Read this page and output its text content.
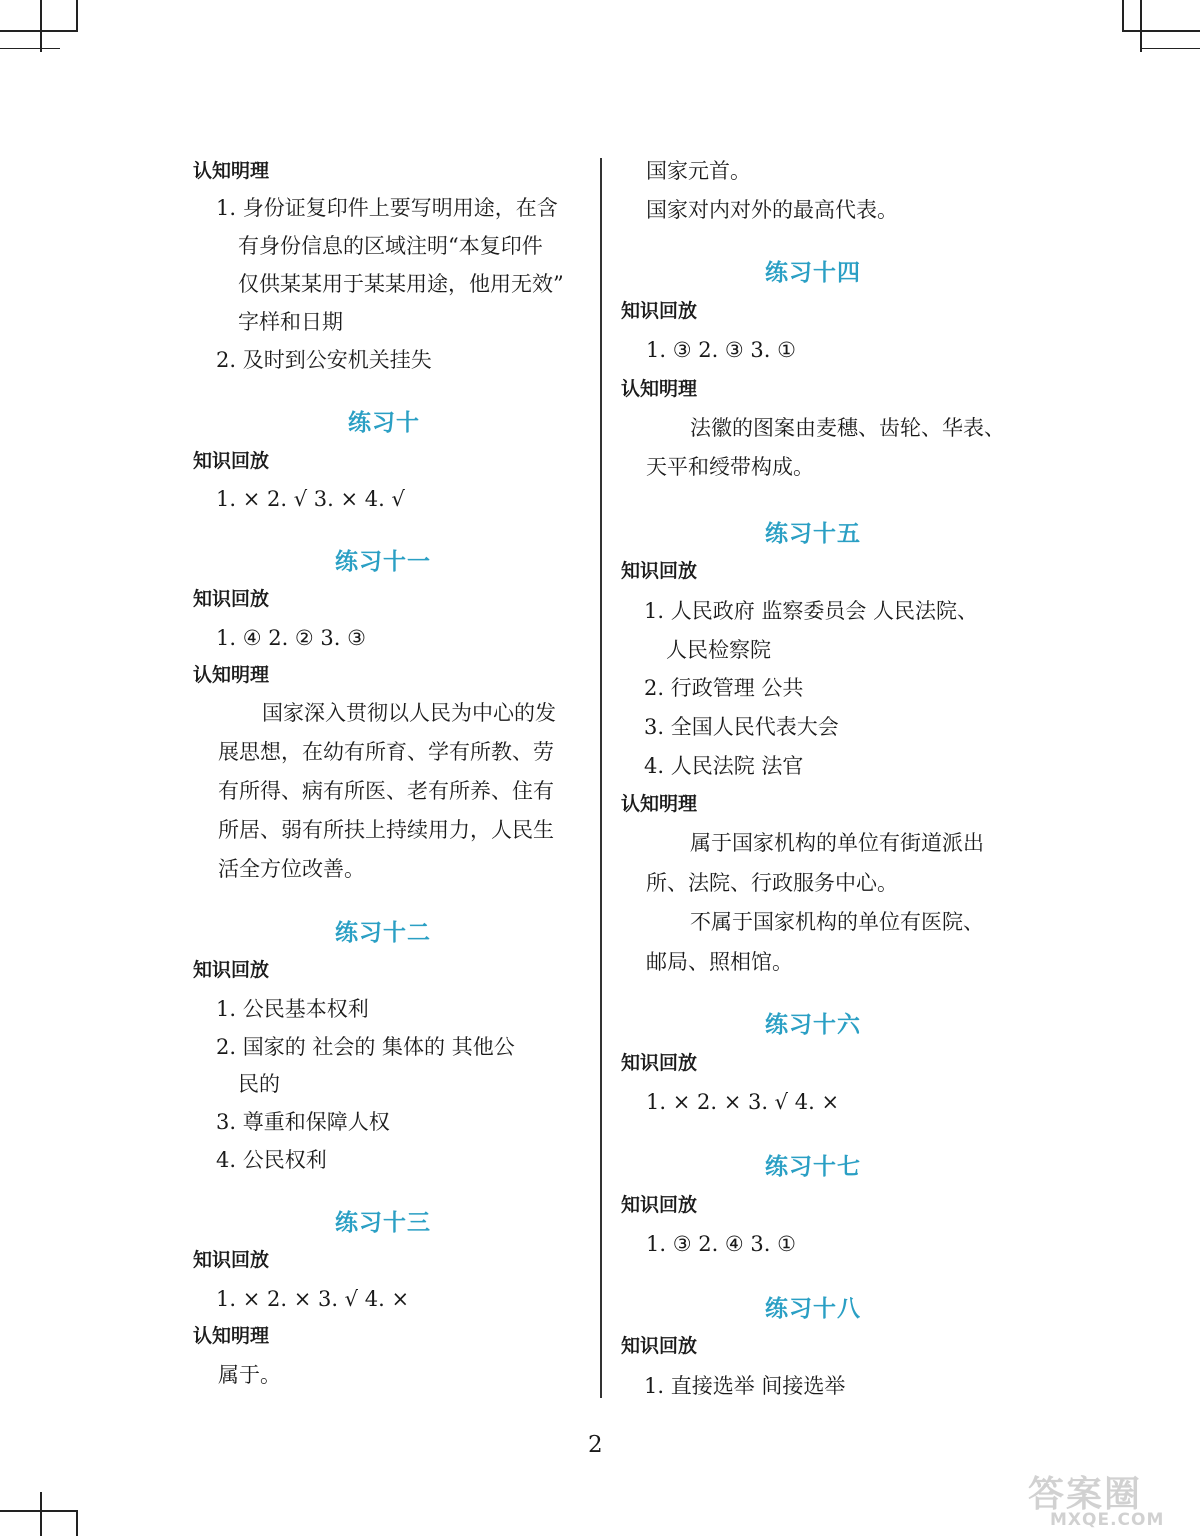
认知明理
1. 身份证复印件上要写明用途，在含
有身份信息的区域注明“本复印件
仅供某某用于某某用途，他用无效”
字样和日期
2. 及时到公安机关挂失
练习十
知识回放
1. × 2. √ 3. × 4. √
练习十一
知识回放
1. ④ 2. ② 3. ③
认知明理
国家深入贯彻以人民为中心的发
展思想，在幼有所育、学有所教、劳
有所得、病有所医、老有所养、住有
所居、弱有所扶上持续用力，人民生
活全方位改善。
练习十二
知识回放
1. 公民基本权利
2. 国家的 社会的 集体的 其他公
民的
3. 尊重和保障人权
4. 公民权利
练习十三
知识回放
1. × 2. × 3. √ 4. ×
认知明理
属于。
国家元首。
国家对内对外的最高代表。
练习十四
知识回放
1. ③ 2. ③ 3. ①
认知明理
法徽的图案由麦穗、齿轮、华表、
天平和绶带构成。
练习十五
知识回放
1. 人民政府 监察委员会 人民法院、
人民检察院
2. 行政管理 公共
3. 全国人民代表大会
4. 人民法院 法官
认知明理
属于国家机构的单位有街道派出
所、法院、行政服务中心。
不属于国家机构的单位有医院、
邮局、照相馆。
练习十六
知识回放
1. × 2. × 3. √ 4. ×
练习十七
知识回放
1. ③ 2. ④ 3. ①
练习十八
知识回放
1. 直接选举 间接选举
2
答案圈
MXQE.COM
